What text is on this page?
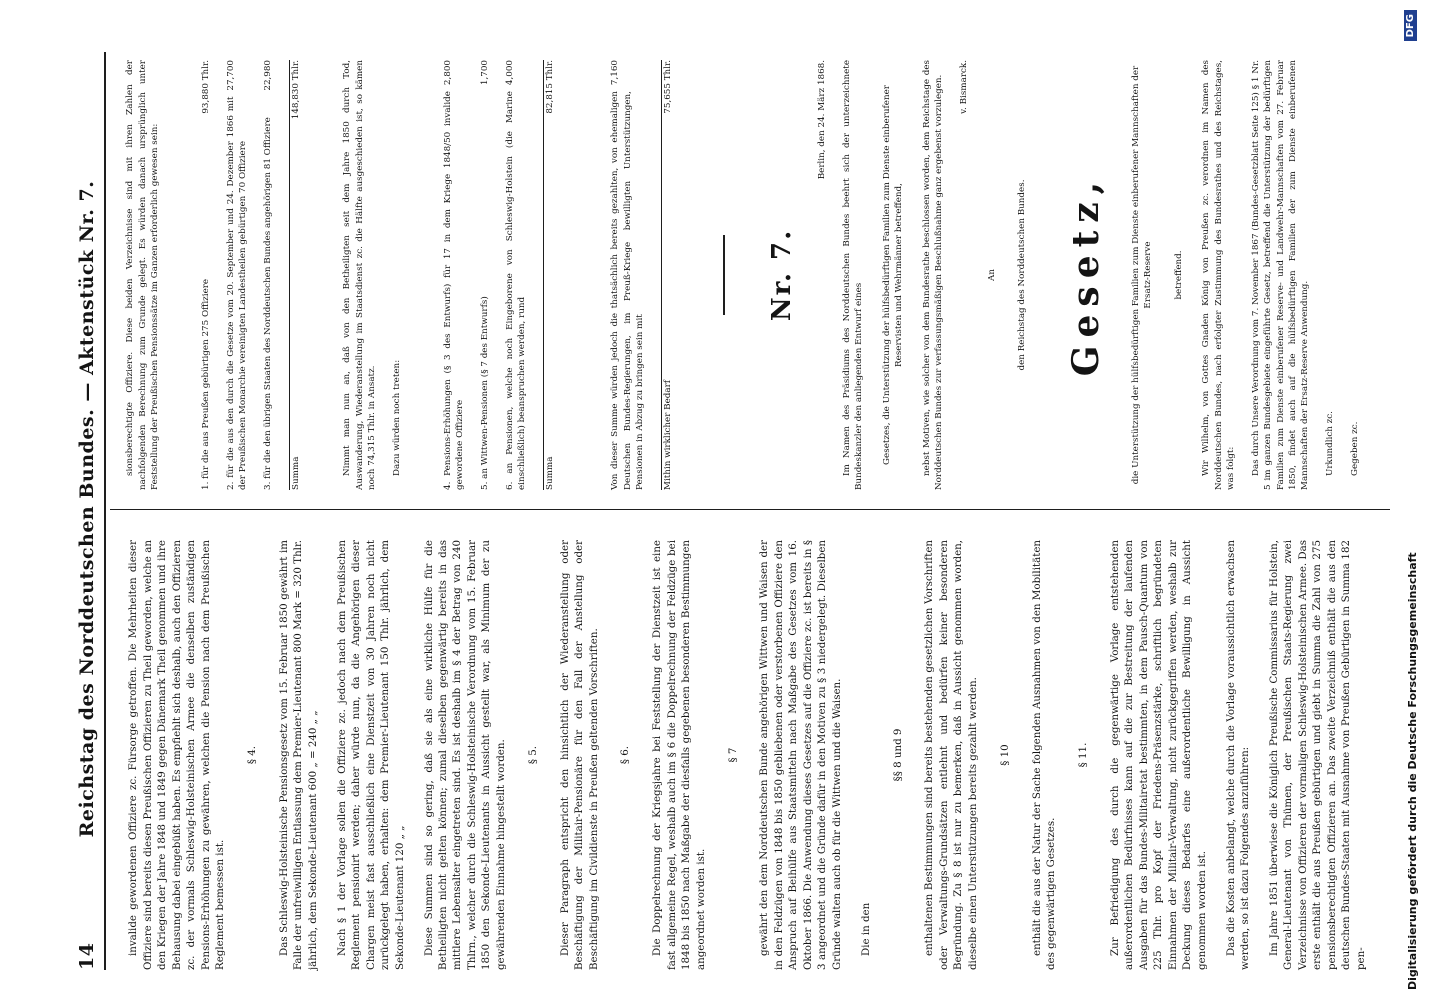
14
Reichstag des Norddeutschen Bundes. — Aktenstück Nr. 7.	invalide gewordenen Offiziere zc. Fürsorge getroffen. Die Mehrheiten dieser Offiziere sind bereits diesen Preußischen Offizieren zu Theil geworden, welche an den Kriegen der Jahre 1848 und 1849 gegen Dänemark Theil genommen und ihre Behausung dabei eingebüßt haben. Es empfiehlt sich deshalb, auch den Offizieren zc. der vormals Schleswig-Holsteinischen Armee die denselben zuständigen Pensions-Erhöhungen zu gewähren, welchen die Pension nach dem Preußischen Reglement bemessen ist.

§ 4. Das Schleswig-Holsteinische Pensionsgesetz vom 15. Februar 1850 gewährt im Falle der unfreiwilligen Entlassung dem Premier-Lieutenant 800 Mark = 320 Thlr. jährlich, dem Sekonde-Lieutenant 600 „ = 240 „ „ Nach § 1 der Vorlage sollen die Offiziere zc. jedoch nach dem Preußischen Reglement pensionirt werden; daher würde nun, da die Angehörigen dieser Chargen meist fast ausschließlich eine Dienstzeit von 30 Jahren noch nicht zurückgelegt haben, erhalten: dem Premier-Lieutenant 150 Thlr. jährlich, dem Sekonde-Lieutenant 120 „ „ Diese Summen sind so gering, daß sie als eine wirkliche Hülfe für die Betheiligten nicht gelten können; zumal dieselben gegenwärtig bereits in das mittlere Lebensalter eingetreten sind. Es ist deshalb im § 4 der Betrag von 240 Thlrn., welcher durch die Schleswig-Holsteinische Verordnung vom 15. Februar 1850 den Sekonde-Lieutenants in Aussicht gestellt war, als Minimum der zu gewährenden Einnahme hingestellt worden. § 5. Dieser Paragraph entspricht den hinsichtlich der Wiederanstellung oder Beschäftigung der Militair-Pensionäre für den Fall der Anstellung oder Beschäftigung im Civildienste in Preußen geltenden Vorschriften. § 6. Die Doppelrechnung der Kriegsjahre bei Feststellung der Dienstzeit ist eine fast allgemeine Regel, weshalb auch im § 6 die Doppelrechnung der Feldzüge bei 1848 bis 1850 nach Maßgabe der diesfalls gegebenen besonderen Bestimmungen angeordnet worden ist.

§ 7 gewährt den dem Norddeutschen Bunde angehörigen Wittwen und Waisen der in den Feldzügen von 1848 bis 1850 gebliebenen oder verstorbenen Offiziere den Anspruch auf Beihülfe aus Staatsmitteln nach Maßgabe des Gesetzes vom 16. Oktober 1866. Die Anwendung dieses Gesetzes auf die Offiziere zc. ist bereits in § 3 angeordnet und die Gründe dafür in den Motiven zu § 3 niedergelegt. Dieselben Gründe walten auch ob für die Wittwen und die Waisen. Die in den

§§ 8 und 9 enthaltenen Bestimmungen sind bereits bestehenden gesetzlichen Vorschriften oder Verwaltungs-Grundsätzen entlehnt und bedürfen keiner besonderen Begründung. Zu § 8 ist nur zu bemerken, daß in Aussicht genommen worden, dieselbe einen Unterstützungen bereits gezahlt werden. § 10 enthält die aus der Natur der Sache folgenden Ausnahmen von den Mobilitäten des gegenwärtigen Gesetzes.

§ 11. Zur Befriedigung des durch die gegenwärtige Vorlage entstehenden außerordentlichen Bedürfnisses kann auf die zur Bestreitung der laufenden Ausgaben für das Bundes-Militairetat bestimmten, in dem Pausch-Quantum von 225 Thlr. pro Kopf der Friedens-Präsenzstärke, schriftlich begründeten Einnahmen der Militair-Verwaltung, nicht zurückgegriffen werden, weshalb zur Deckung dieses Bedarfes eine außerordentliche Bewilligung in Aussicht genommen worden ist. Das die Kosten anbelangt, welche durch die Vorlage voraussichtlich erwachsen werden, so ist dazu Folgendes anzuführen: Im Jahre 1851 überwiese die Königlich Preußische Commissarius für Holstein, General-Lieutenant von Thümen, der Preußischen Staats-Regierung zwei Verzeichnisse von Offizieren der vormaligen Schleswig-Holsteinischen Armee. Das erste enthält die aus Preußen gebürtigen und giebt in Summa die Zahl von 275 pensionsberechtigten Offizieren an. Das zweite Verzeichniß enthält die aus den deutschen Bundes-Staaten mit Ausnahme von Preußen Gebürtigen in Summa 182 pen-

sionsberechtigte Offiziere. Diese beiden Verzeichnisse sind mit ihren Zahlen der nachfolgenden Berechnung zum Grunde gelegt. Es würden danach ursprünglich unter Feststellung der Preußischen Pensionssätze im Ganzen erforderlich gewesen sein:	1. für die aus Preußen gebürtigen 275 Offiziere
93,880 Thlr.

2. für die aus den durch die Gesetze vom 20. September und 24. Dezember 1866 mit der Preußischen Monarchie vereinigten Landestheilen gebürtigen 70 Offiziere
27,700

3. für die den übrigen Staaten des Norddeutschen Bundes angehörigen 81 Offiziere
22,980

Summa
148,830 Thlr.	Nimmt man nun an, daß von den Betheiligten seit dem Jahre 1850 durch Tod, Auswanderung, Wiederanstellung im Staatsdienst zc. die Hälfte ausgeschieden ist, so kämen noch 74,315 Thlr. in Ansatz. Dazu würden noch treten:	4. Pensions-Erhöhungen (§ 3 des Entwurfs) für 17 in dem Kriege 1848/50 invalide gewordene Offiziere
2,800

5. an Wittwen-Pensionen (§ 7 des Entwurfs)
1,700

6. an Pensionen, welche noch Eingeborene von Schleswig-Holstein (die Marine einschließlich) beanspruchen werden, rund
4,000

Summa
82,815 Thlr.

Von dieser Summe würden jedoch die thatsächlich bereits gezahlten, von ehemaligen Deutschen Bundes-Regierungen, im Preuß-Kriege bewilligten Unterstützungen, Pensionen in Abzug zu bringen sein mit
7,160

Mithin wirklicher Bedarf
75,655 Thlr.

Nr. 7.

Berlin, den 24. März 1868. Im Namen des Präsidiums des Norddeutschen Bundes beehrt sich der unterzeichnete Bundeskanzler den anliegenden Entwurf eines Gesetzes, die Unterstützung der hülfsbedürftigen Familien zum Dienste einberufener Reservisten und Wehrmänner betreffend, nebst Motiven, wie solcher von dem Bundesrathe beschlossen worden, dem Reichstage des Norddeutschen Bundes zur verfassungsmäßigen Beschlußnahme ganz ergebenst vorzulegen. v. Bismarck.

An den Reichstag des Norddeutschen Bundes. Gesetz,	die Unterstützung der hülfsbedürftigen Familien zum Dienste einberufener Mannschaften der Ersatz-Reserve betreffend. Wir Wilhelm, von Gottes Gnaden König von Preußen zc. verordnen im Namen des Norddeutschen Bundes, nach erfolgter Zustimmung des Bundesrathes und des Reichstages, was folgt: Das durch Unsere Verordnung vom 7. November 1867 (Bundes-Gesetzblatt Seite 125) § 1 Nr. 5 im ganzen Bundesgebiete eingeführte Gesetz, betreffend die Unterstützung der bedürftigen Familien zum Dienste einberufener Reserve- und Landwehr-Mannschaften vom 27. Februar 1850, findet auch auf die hülfsbedürftigen Familien der zum Dienste einberufenen Mannschaften der Ersatz-Reserve Anwendung. Urkundlich zc. Gegeben zc.

Digitalisierung gefördert durch die Deutsche Forschungsgemeinschaft
DFG
